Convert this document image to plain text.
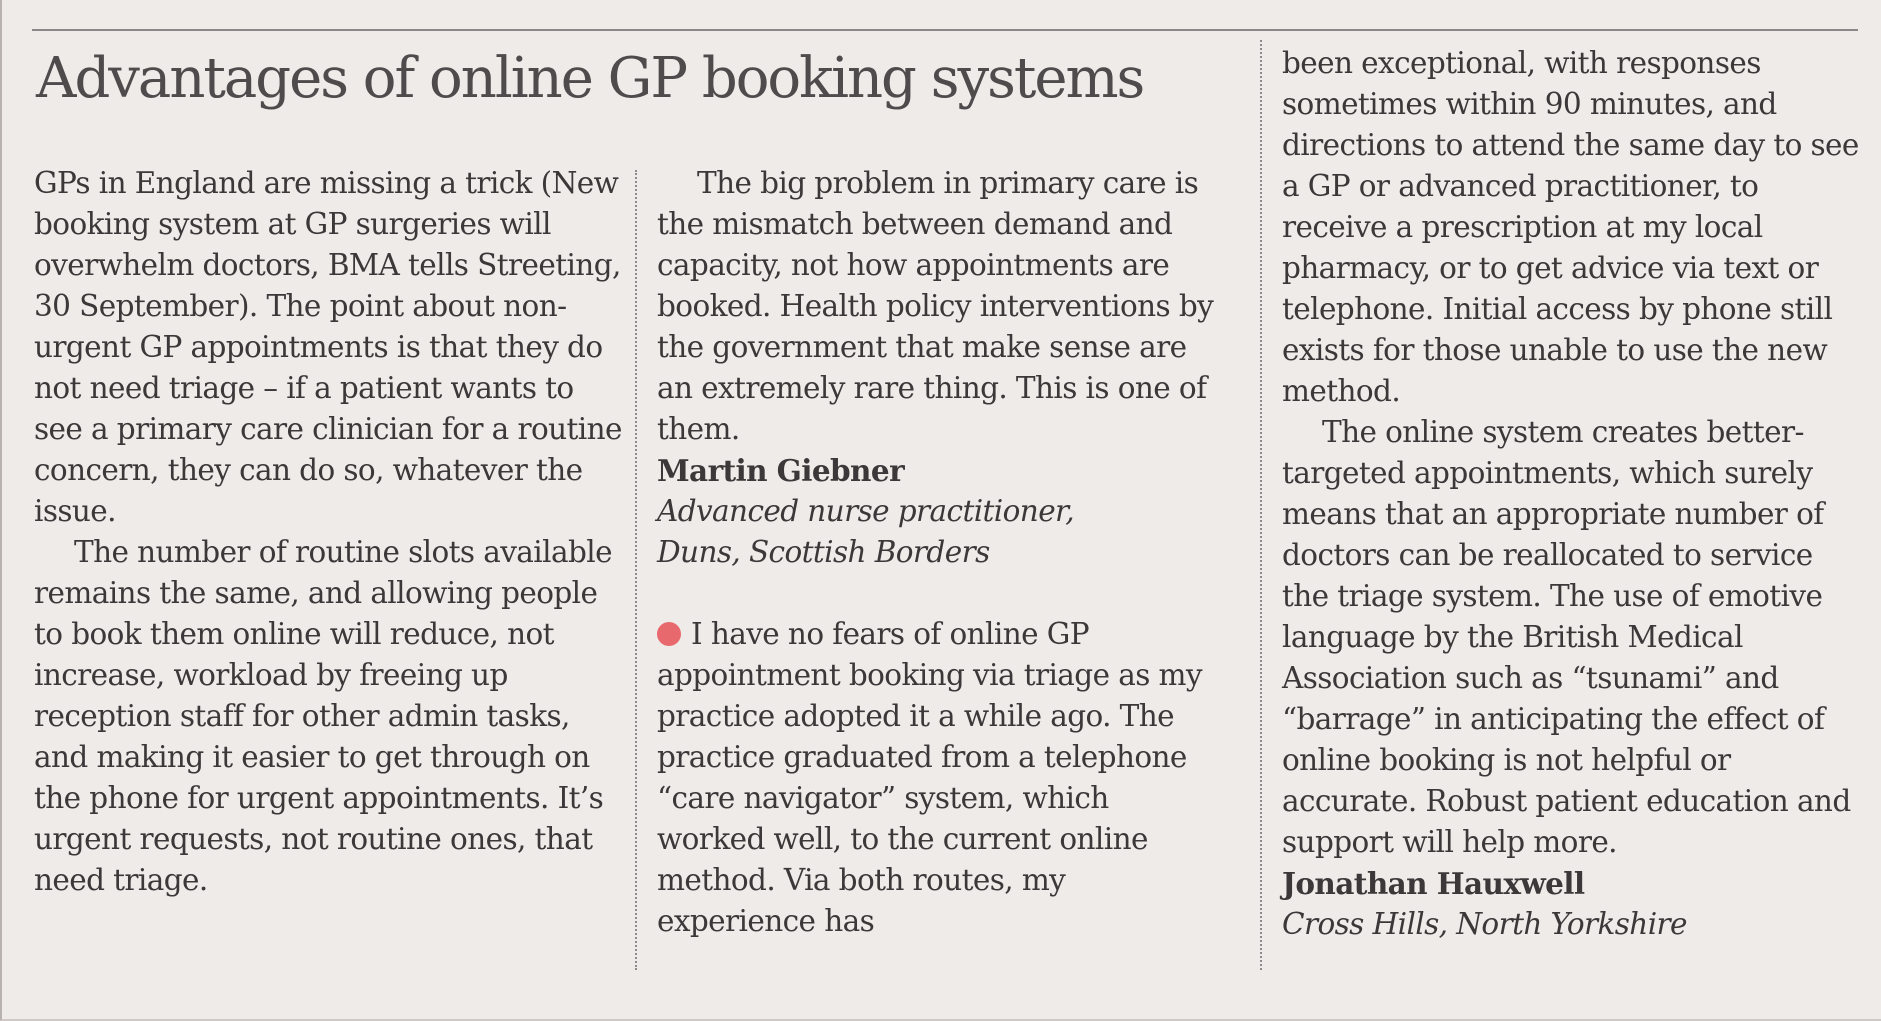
Advantages of online GP booking systems

GPs in England are missing a trick (New booking system at GP surgeries will overwhelm doctors, BMA tells Streeting, 30 September). The point about non-urgent GP appointments is that they do not need triage – if a patient wants to see a primary care clinician for a routine concern, they can do so, whatever the issue.

The number of routine slots available remains the same, and allowing people to book them online will reduce, not increase, workload by freeing up reception staff for other admin tasks, and making it easier to get through on the phone for urgent appointments. It’s urgent requests, not routine ones, that need triage.

The big problem in primary care is the mismatch between demand and capacity, not how appointments are booked. Health policy interventions by the government that make sense are an extremely rare thing. This is one of them.

Martin Giebner

Advanced nurse practitioner,

Duns, Scottish Borders

I have no fears of online GP appointment booking via triage as my practice adopted it a while ago. The practice graduated from a telephone “care navigator” system, which worked well, to the current online method. Via both routes, my experience has

been exceptional, with responses sometimes within 90 minutes, and directions to attend the same day to see a GP or advanced practitioner, to receive a prescription at my local pharmacy, or to get advice via text or telephone. Initial access by phone still exists for those unable to use the new method.

The online system creates better-targeted appointments, which surely means that an appropriate number of doctors can be reallocated to service the triage system. The use of emotive language by the British Medical Association such as “tsunami” and “barrage” in anticipating the effect of online booking is not helpful or accurate. Robust patient education and support will help more.

Jonathan Hauxwell

Cross Hills, North Yorkshire
